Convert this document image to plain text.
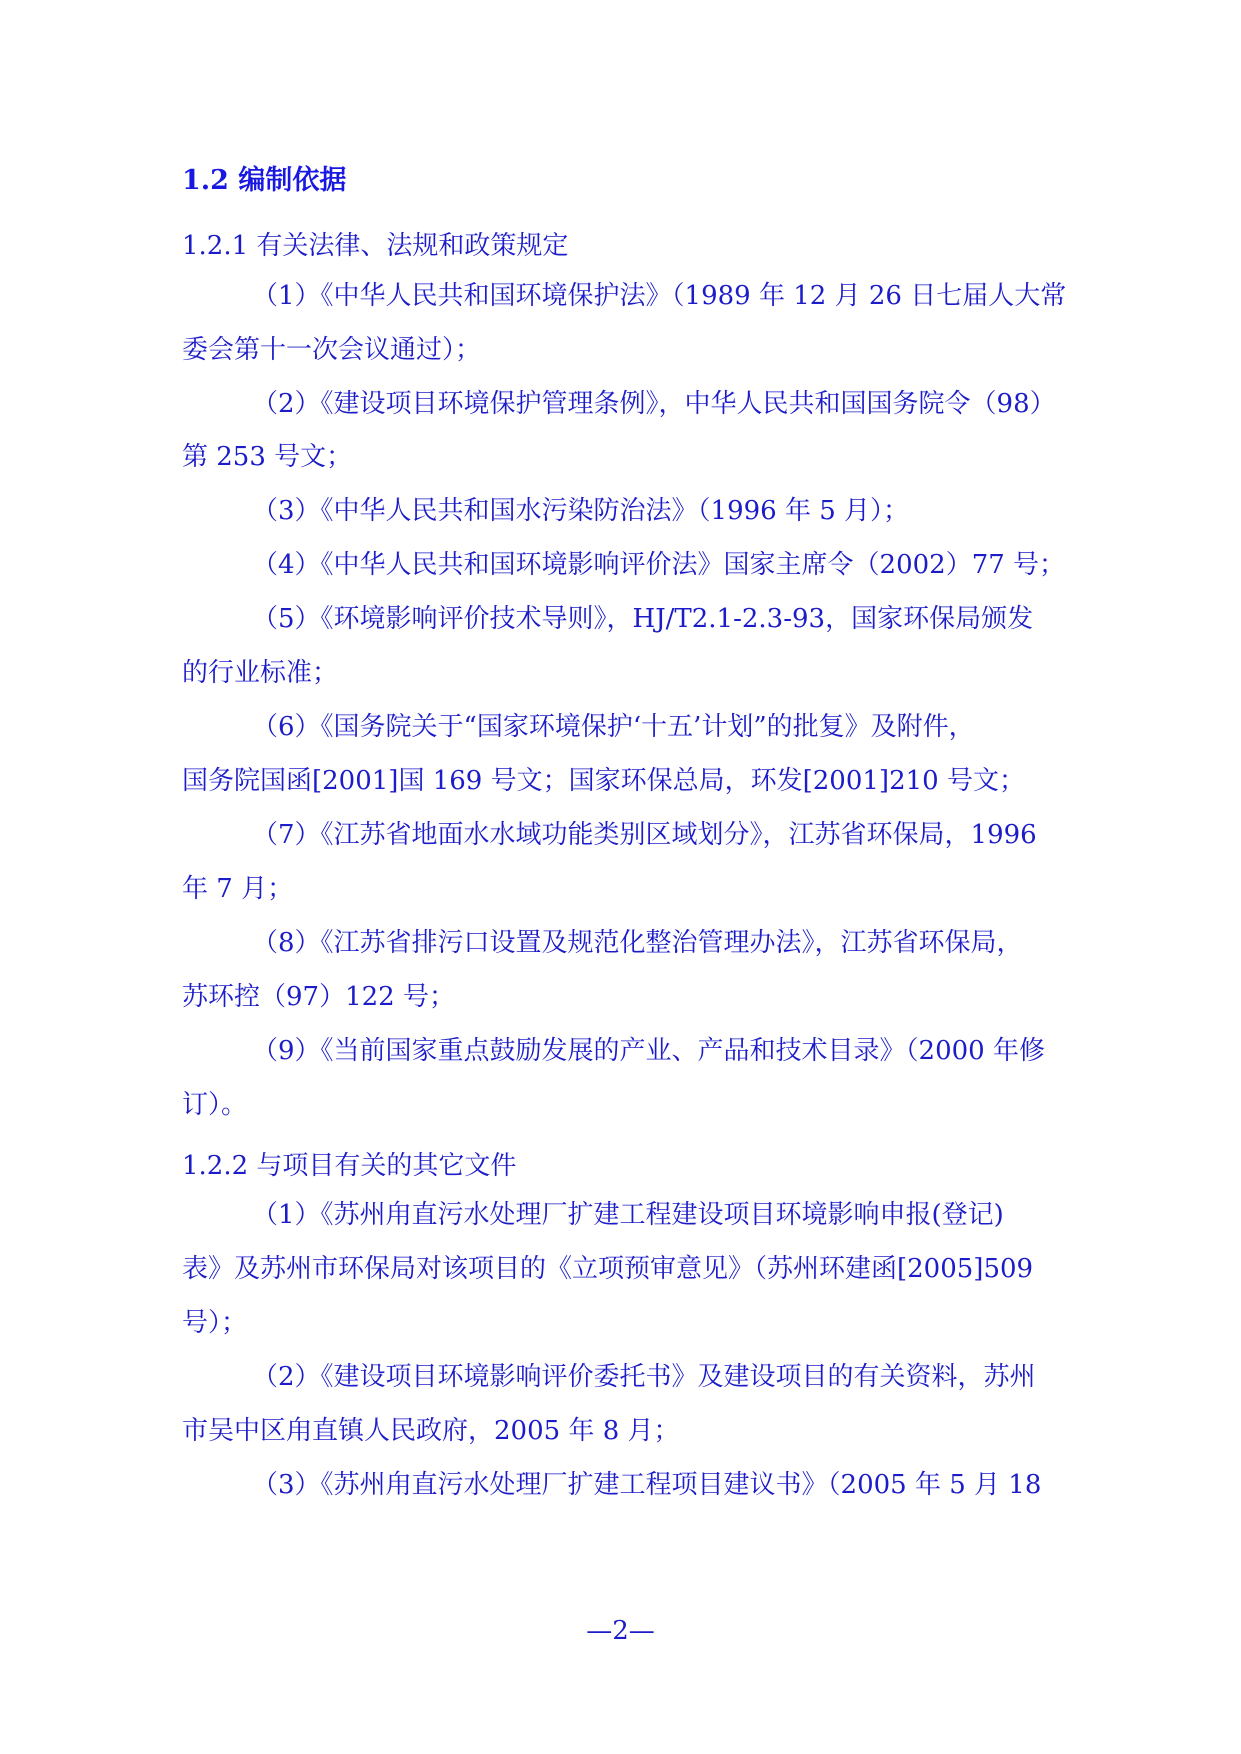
1.2 编制依据
1.2.1 有关法律、法规和政策规定
（1）《中华人民共和国环境保护法》（1989 年 12 月 26 日七届人大常
委会第十一次会议通过）；
（2）《建设项目环境保护管理条例》，中华人民共和国国务院令（98）
第 253 号文；
（3）《中华人民共和国水污染防治法》（1996 年 5 月）；
（4）《中华人民共和国环境影响评价法》国家主席令（2002）77 号；
（5）《环境影响评价技术导则》，HJ/T2.1-2.3-93，国家环保局颁发
的行业标准；
（6）《国务院关于“国家环境保护‘十五’计划”的批复》及附件，
国务院国函[2001]国 169 号文；国家环保总局，环发[2001]210 号文；
（7）《江苏省地面水水域功能类别区域划分》，江苏省环保局，1996
年 7 月；
（8）《江苏省排污口设置及规范化整治管理办法》，江苏省环保局，
苏环控（97）122 号；
（9）《当前国家重点鼓励发展的产业、产品和技术目录》（2000 年修
订）。
1.2.2 与项目有关的其它文件
（1）《苏州甪直污水处理厂扩建工程建设项目环境影响申报(登记)
表》及苏州市环保局对该项目的《立项预审意见》（苏州环建函[2005]509
号）；
（2）《建设项目环境影响评价委托书》及建设项目的有关资料，苏州
市吴中区甪直镇人民政府，2005 年 8 月；
（3）《苏州甪直污水处理厂扩建工程项目建议书》（2005 年 5 月 18
—2—
